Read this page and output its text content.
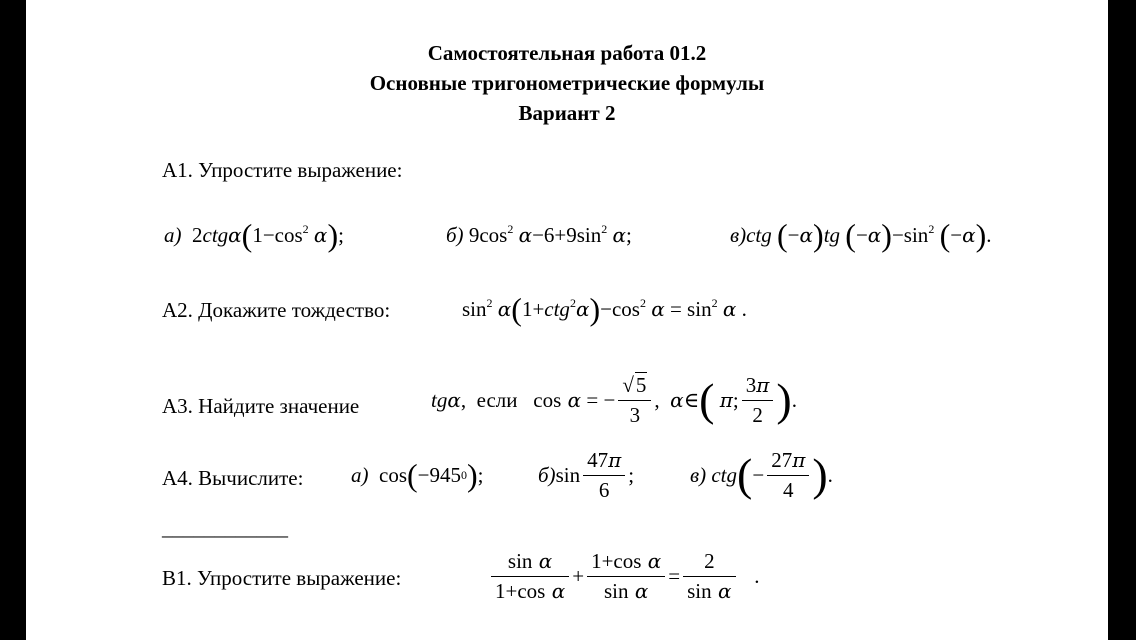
Самостоятельная работа 01.2
Основные тригонометрические формулы
Вариант 2
А1. Упростите выражение:
а)  $2ctg\alpha(1-\cos^2$ α);	б) $9\cos^2$ $\alpha-6+9\sin^2$ α;	в)ctg (−α)tg $(-\alpha)-\sin^2$ (−α).
А2. Докажите тождество:	$\sin^2 \alpha(1+ctg^2\alpha)-\cos^2$ $\alpha = \sin^2 \alpha$ .
А3. Найдите значение	tg α , если cos α = − $\frac{√5}{3}$ , α ∈ (
π ; $\frac{3\pi}{2}$ ) .
А4. Вычислите: а) cos ( −945 0 ) ;	б) $\sin \frac{47\pi}{6}$ ;	в)
ctg ( − $\frac{27\pi}{4}$ ) .
____________
В1. Упростите выражение:	$\frac{\text{sin α}}{\text{1+cos α}} + \frac{\text{1+cos α}}{\text{sin α}} = \frac{2}{\text{sin α}}$ .
